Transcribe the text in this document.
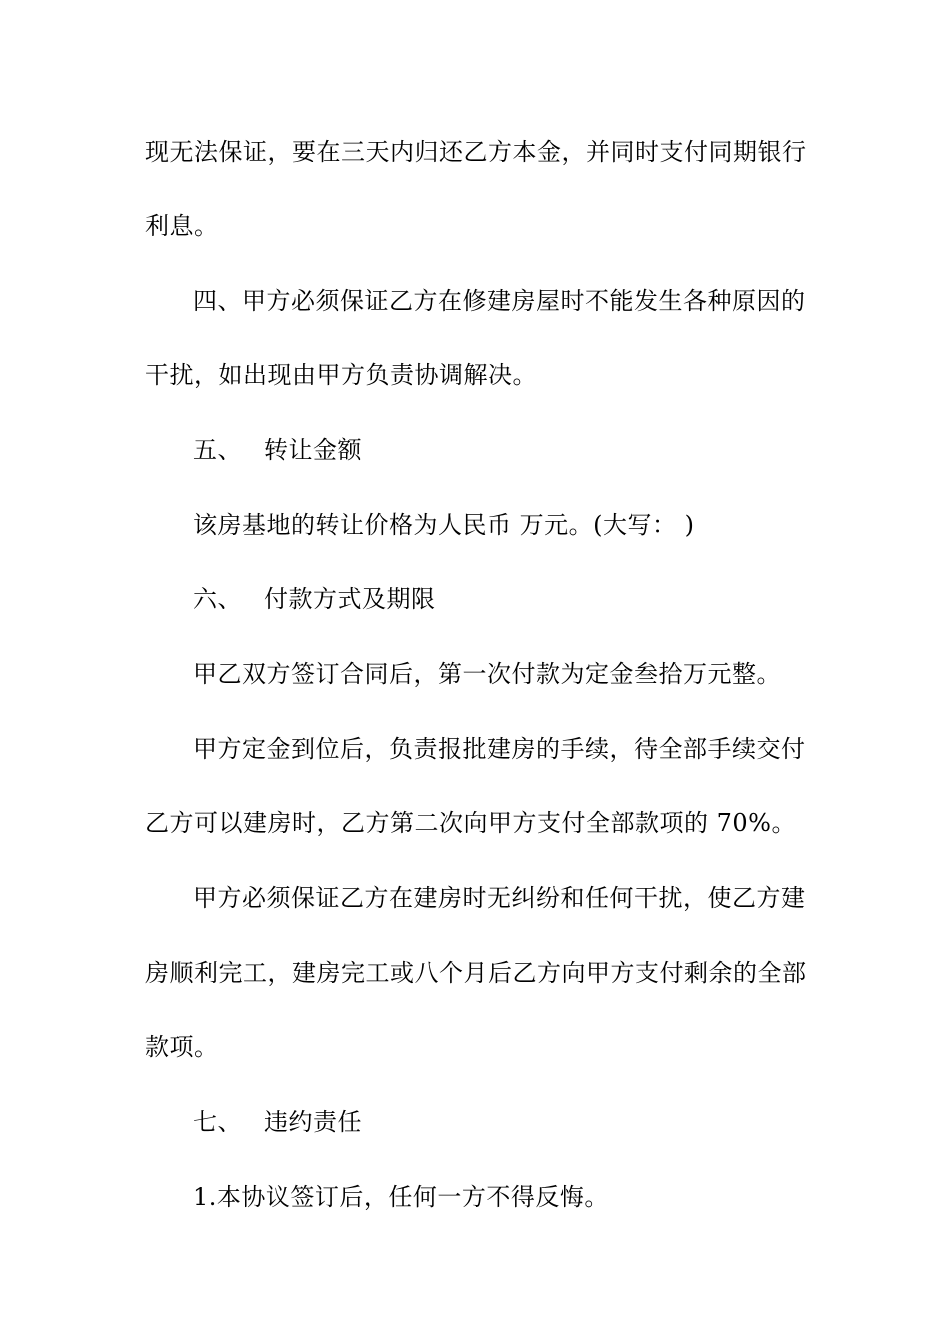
现无法保证，要在三天内归还乙方本金，并同时支付同期银行
利息。
四、甲方必须保证乙方在修建房屋时不能发生各种原因的
干扰，如出现由甲方负责协调解决。
五、 转让金额
该房基地的转让价格为人民币 万元。(大写： )
六、 付款方式及期限
甲乙双方签订合同后，第一次付款为定金叁拾万元整。
甲方定金到位后，负责报批建房的手续，待全部手续交付
乙方可以建房时，乙方第二次向甲方支付全部款项的 70%。
甲方必须保证乙方在建房时无纠纷和任何干扰，使乙方建
房顺利完工，建房完工或八个月后乙方向甲方支付剩余的全部
款项。
七、 违约责任
1.本协议签订后，任何一方不得反悔。
